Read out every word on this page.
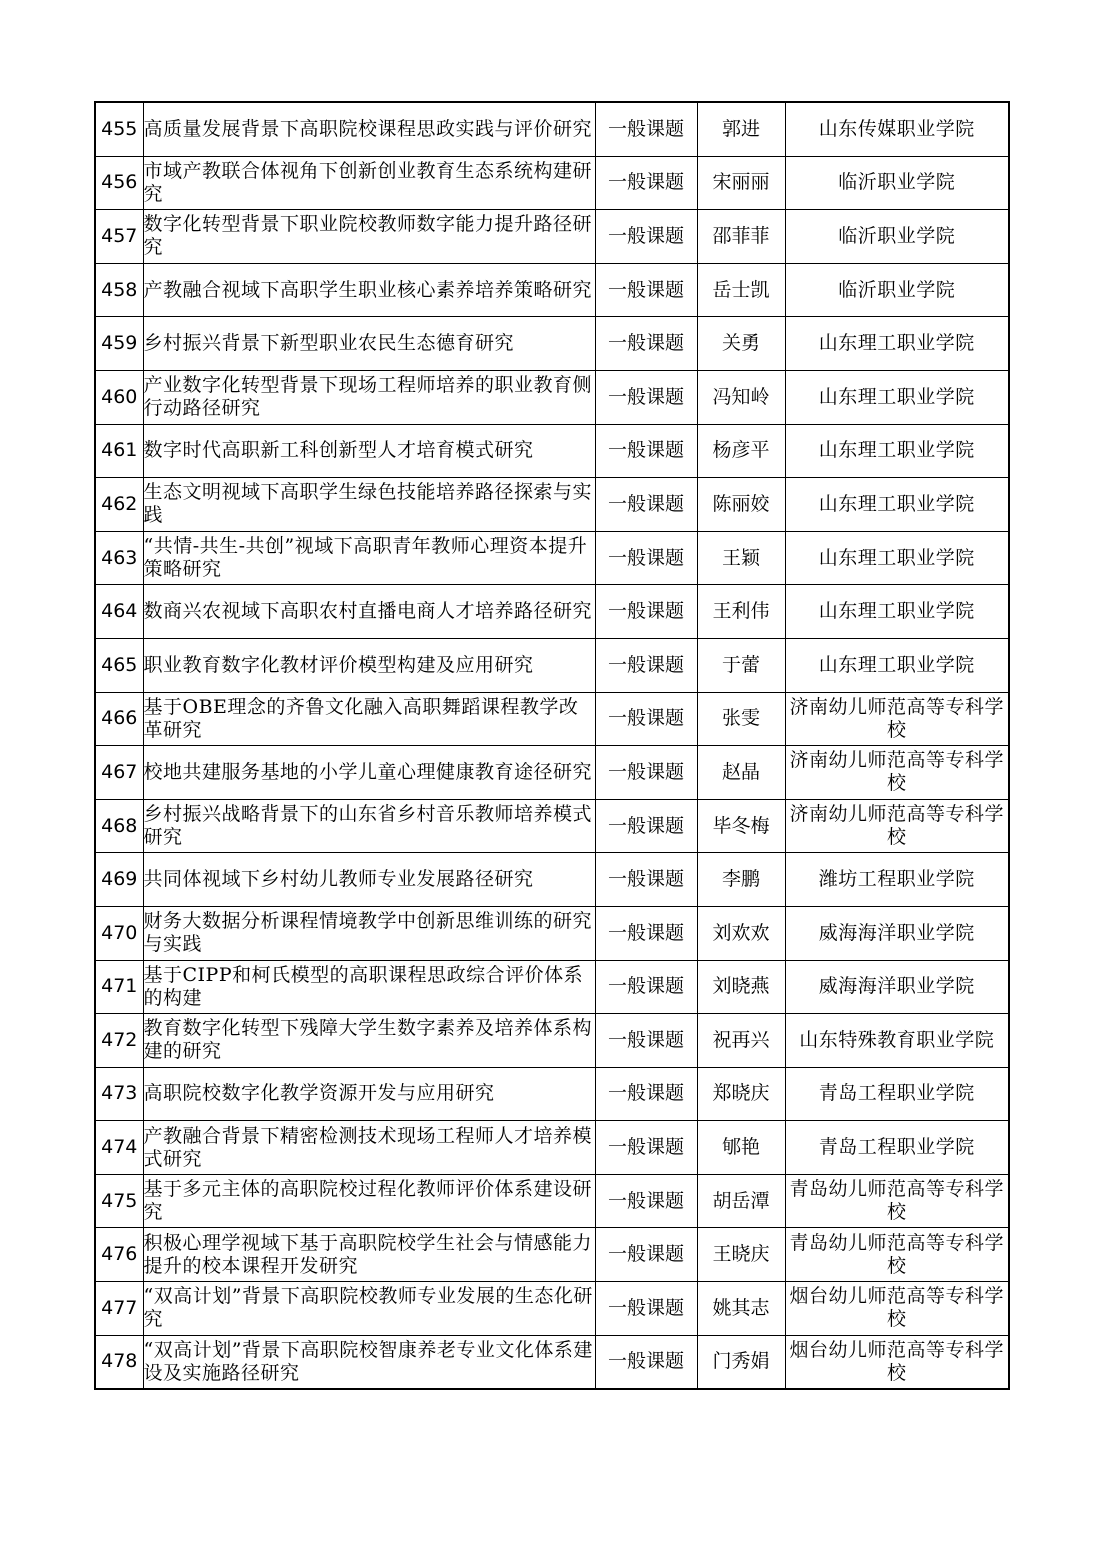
455	高质量发展背景下高职院校课程思政实践与评价研究	一般课题	郭进	山东传媒职业学院
456	市域产教联合体视角下创新创业教育生态系统构建研究	一般课题	宋丽丽	临沂职业学院
457	数字化转型背景下职业院校教师数字能力提升路径研究	一般课题	邵菲菲	临沂职业学院
458	产教融合视域下高职学生职业核心素养培养策略研究	一般课题	岳士凯	临沂职业学院
459	乡村振兴背景下新型职业农民生态德育研究	一般课题	关勇	山东理工职业学院
460	产业数字化转型背景下现场工程师培养的职业教育侧行动路径研究	一般课题	冯知岭	山东理工职业学院
461	数字时代高职新工科创新型人才培育模式研究	一般课题	杨彦平	山东理工职业学院
462	生态文明视域下高职学生绿色技能培养路径探索与实践	一般课题	陈丽姣	山东理工职业学院
463	“共情-共生-共创”视域下高职青年教师心理资本提升策略研究	一般课题	王颖	山东理工职业学院
464	数商兴农视域下高职农村直播电商人才培养路径研究	一般课题	王利伟	山东理工职业学院
465	职业教育数字化教材评价模型构建及应用研究	一般课题	于蕾	山东理工职业学院
466	基于OBE理念的齐鲁文化融入高职舞蹈课程教学改革研究	一般课题	张雯	济南幼儿师范高等专科学校
467	校地共建服务基地的小学儿童心理健康教育途径研究	一般课题	赵晶	济南幼儿师范高等专科学校
468	乡村振兴战略背景下的山东省乡村音乐教师培养模式研究	一般课题	毕冬梅	济南幼儿师范高等专科学校
469	共同体视域下乡村幼儿教师专业发展路径研究	一般课题	李鹏	潍坊工程职业学院
470	财务大数据分析课程情境教学中创新思维训练的研究与实践	一般课题	刘欢欢	威海海洋职业学院
471	基于CIPP和柯氏模型的高职课程思政综合评价体系的构建	一般课题	刘晓燕	威海海洋职业学院
472	教育数字化转型下残障大学生数字素养及培养体系构建的研究	一般课题	祝再兴	山东特殊教育职业学院
473	高职院校数字化教学资源开发与应用研究	一般课题	郑晓庆	青岛工程职业学院
474	产教融合背景下精密检测技术现场工程师人才培养模式研究	一般课题	郇艳	青岛工程职业学院
475	基于多元主体的高职院校过程化教师评价体系建设研究	一般课题	胡岳潭	青岛幼儿师范高等专科学校
476	积极心理学视域下基于高职院校学生社会与情感能力提升的校本课程开发研究	一般课题	王晓庆	青岛幼儿师范高等专科学校
477	“双高计划”背景下高职院校教师专业发展的生态化研究	一般课题	姚其志	烟台幼儿师范高等专科学校
478	“双高计划”背景下高职院校智康养老专业文化体系建设及实施路径研究	一般课题	门秀娟	烟台幼儿师范高等专科学校
